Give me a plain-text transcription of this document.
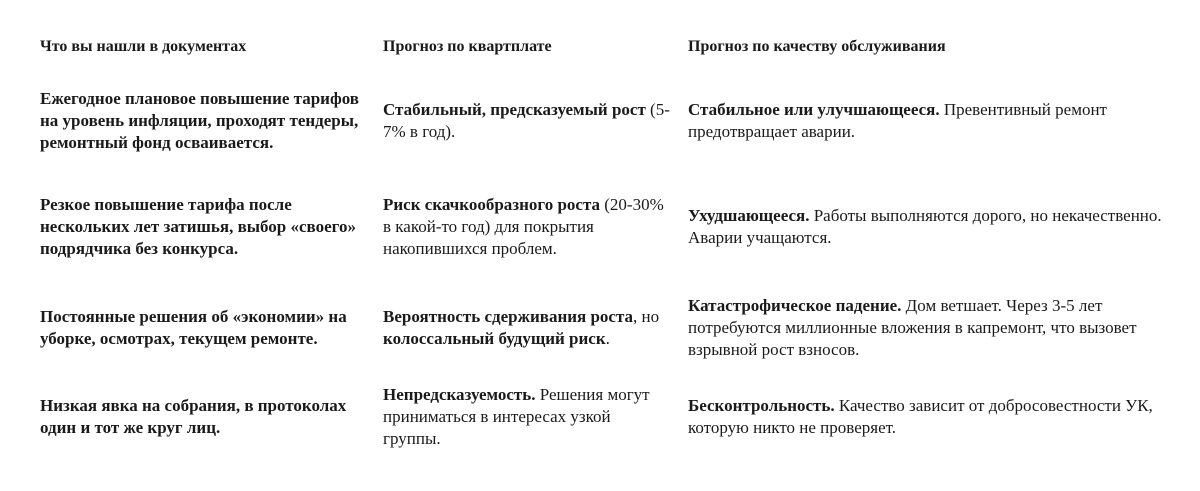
Что вы нашли в документах	Прогноз по квартплате	Прогноз по качеству обслуживания
Ежегодное плановое повышение тарифов на уровень инфляции, проходят тендеры, ремонтный фонд осваивается.
Стабильный, предсказуемый рост (5-7% в год).
Стабильное или улучшающееся. Превентивный ремонт предотвращает аварии.
Резкое повышение тарифа после нескольких лет затишья, выбор «своего» подрядчика без конкурса.
Риск скачкообразного роста (20-30% в какой-то год) для покрытия накопившихся проблем.
Ухудшающееся. Работы выполняются дорого, но некачественно. Аварии учащаются.
Постоянные решения об «экономии» на уборке, осмотрах, текущем ремонте.
Вероятность сдерживания роста, но колоссальный будущий риск.
Катастрофическое падение. Дом ветшает. Через 3-5 лет потребуются миллионные вложения в капремонт, что вызовет взрывной рост взносов.
Низкая явка на собрания, в протоколах один и тот же круг лиц.
Непредсказуемость. Решения могут приниматься в интересах узкой группы.
Бесконтрольность. Качество зависит от добросовестности УК, которую никто не проверяет.
